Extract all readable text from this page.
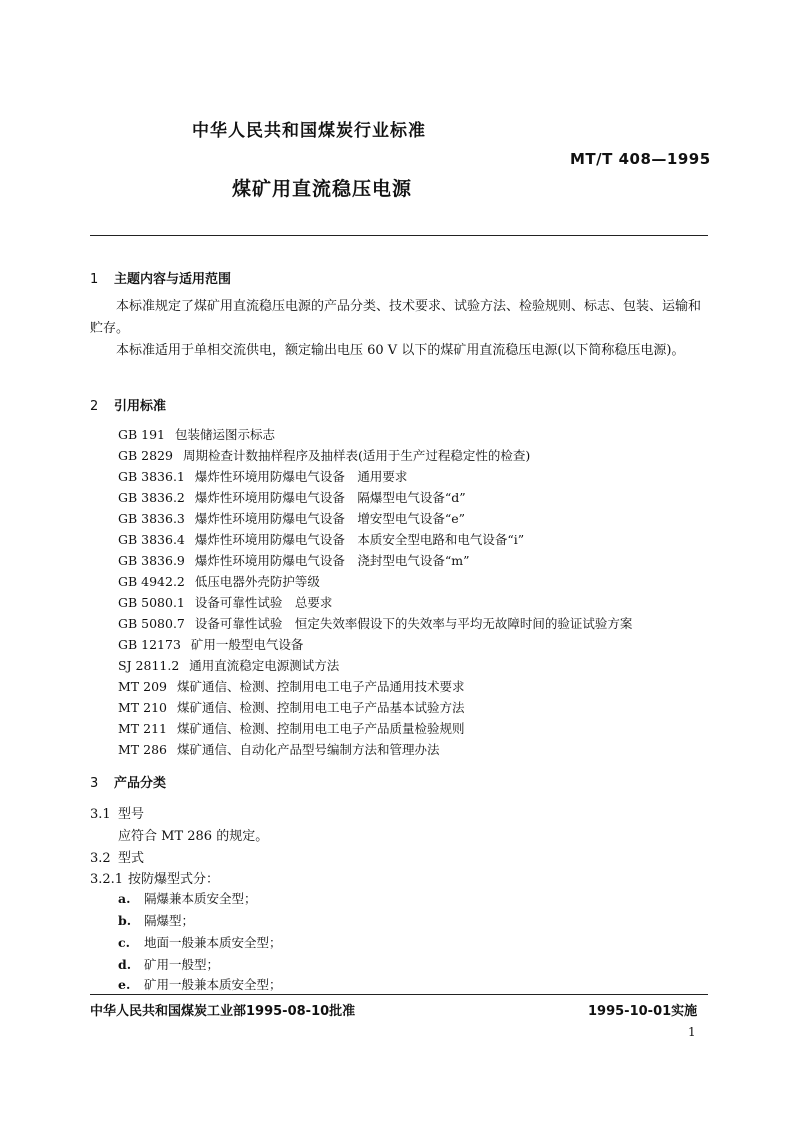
中华人民共和国煤炭行业标准
MT/T 408—1995
煤矿用直流稳压电源
1 主题内容与适用范围
本标准规定了煤矿用直流稳压电源的产品分类、技术要求、试验方法、检验规则、标志、包装、运输和贮存。
本标准适用于单相交流供电，额定输出电压 60 V 以下的煤矿用直流稳压电源(以下简称稳压电源)。
2 引用标准
GB 191 包装储运图示标志
GB 2829 周期检查计数抽样程序及抽样表(适用于生产过程稳定性的检查)
GB 3836.1 爆炸性环境用防爆电气设备　通用要求
GB 3836.2 爆炸性环境用防爆电气设备　隔爆型电气设备“d”
GB 3836.3 爆炸性环境用防爆电气设备　增安型电气设备“e”
GB 3836.4 爆炸性环境用防爆电气设备　本质安全型电路和电气设备“i”
GB 3836.9 爆炸性环境用防爆电气设备　浇封型电气设备“m”
GB 4942.2 低压电器外壳防护等级
GB 5080.1 设备可靠性试验　总要求
GB 5080.7 设备可靠性试验　恒定失效率假设下的失效率与平均无故障时间的验证试验方案
GB 12173 矿用一般型电气设备
SJ 2811.2 通用直流稳定电源测试方法
MT 209 煤矿通信、检测、控制用电工电子产品通用技术要求
MT 210 煤矿通信、检测、控制用电工电子产品基本试验方法
MT 211 煤矿通信、检测、控制用电工电子产品质量检验规则
MT 286 煤矿通信、自动化产品型号编制方法和管理办法
3 产品分类
3.1 型号
应符合 MT 286 的规定。
3.2 型式
3.2.1 按防爆型式分：
a. 隔爆兼本质安全型；
b. 隔爆型；
c. 地面一般兼本质安全型；
d. 矿用一般型；
e. 矿用一般兼本质安全型；
中华人民共和国煤炭工业部1995-08-10批准	1995-10-01实施
1
